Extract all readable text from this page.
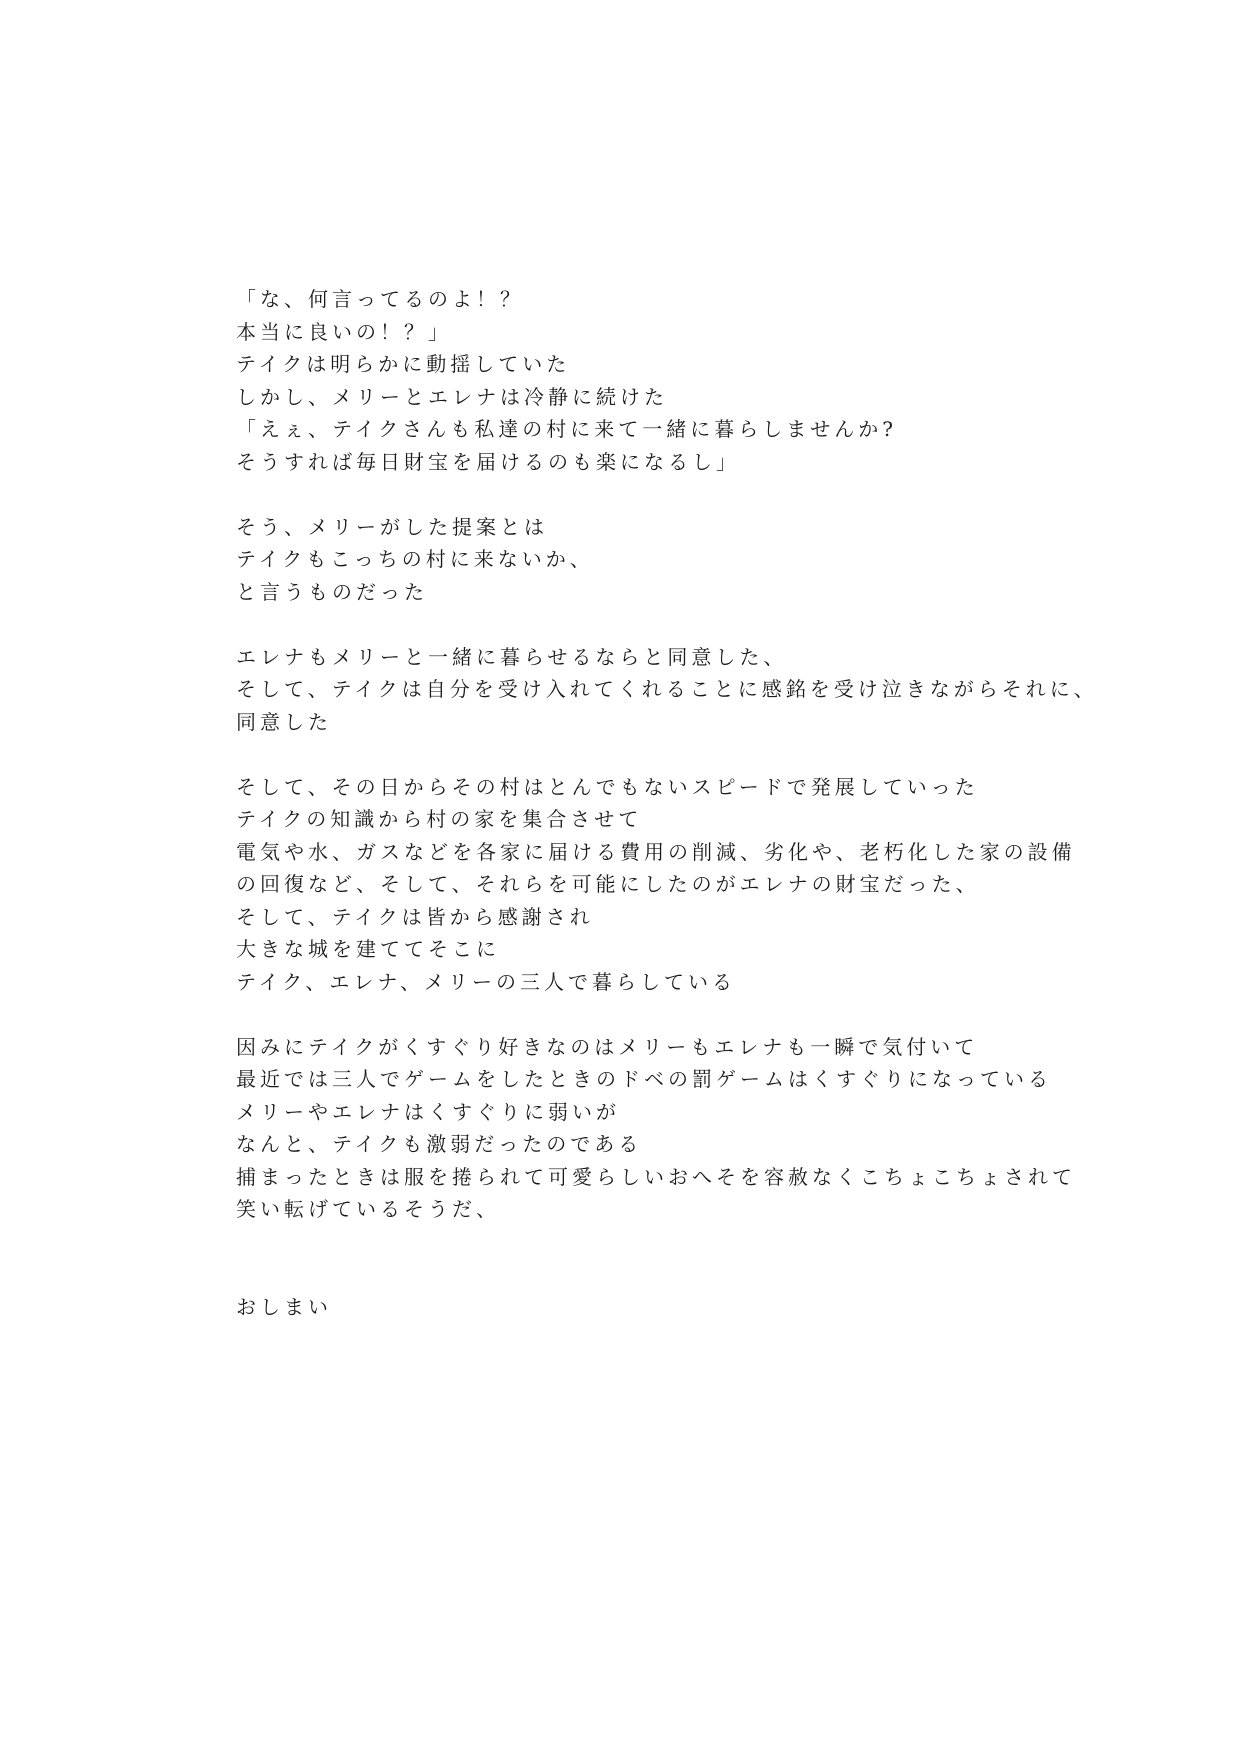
「な、何言ってるのよ！？
本当に良いの！？」
テイクは明らかに動揺していた
しかし、メリーとエレナは冷静に続けた
「えぇ、テイクさんも私達の村に来て一緒に暮らしませんか?
そうすれば毎日財宝を届けるのも楽になるし」
そう、メリーがした提案とは
テイクもこっちの村に来ないか、
と言うものだった
エレナもメリーと一緒に暮らせるならと同意した、
そして、テイクは自分を受け入れてくれることに感銘を受け泣きながらそれに、
同意した
そして、その日からその村はとんでもないスピードで発展していった
テイクの知識から村の家を集合させて
電気や水、ガスなどを各家に届ける費用の削減、劣化や、老朽化した家の設備
の回復など、そして、それらを可能にしたのがエレナの財宝だった、
そして、テイクは皆から感謝され
大きな城を建ててそこに
テイク、エレナ、メリーの三人で暮らしている
因みにテイクがくすぐり好きなのはメリーもエレナも一瞬で気付いて
最近では三人でゲームをしたときのドベの罰ゲームはくすぐりになっている
メリーやエレナはくすぐりに弱いが
なんと、テイクも激弱だったのである
捕まったときは服を捲られて可愛らしいおへそを容赦なくこちょこちょされて
笑い転げているそうだ、
おしまい
